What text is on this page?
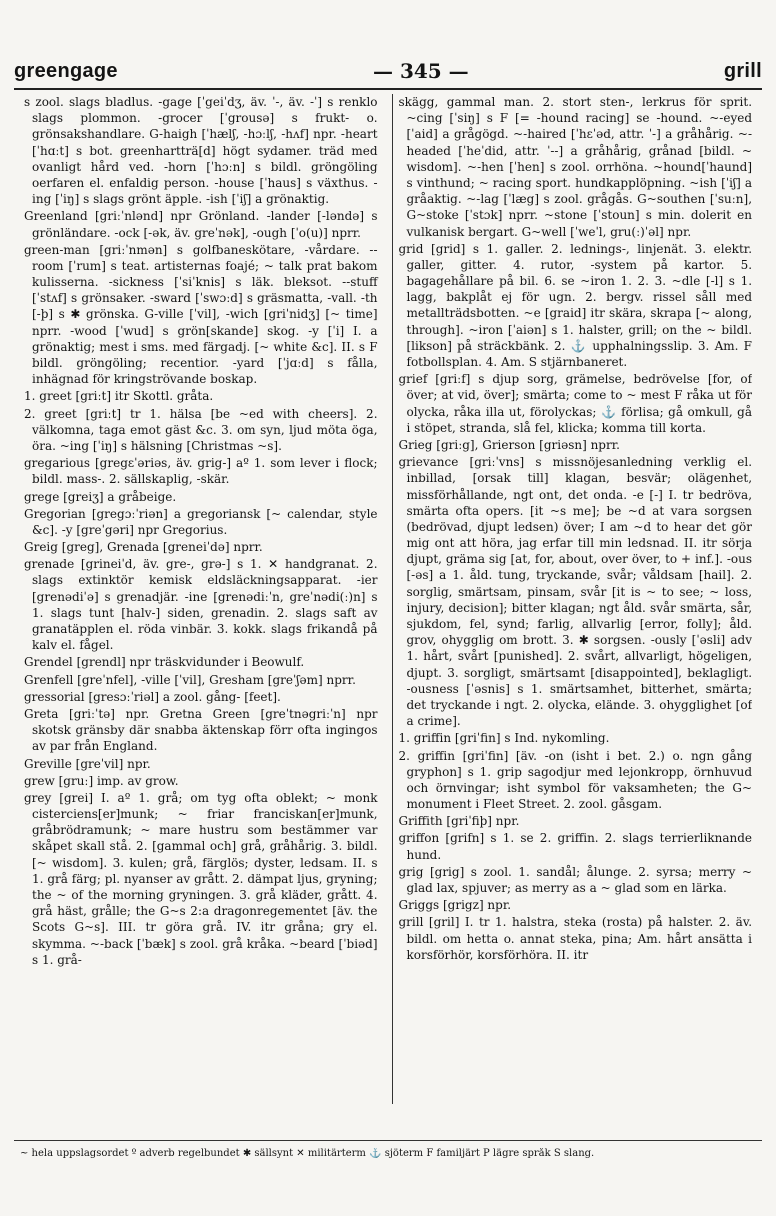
greengage	— 345 —	grill

s zool. slags bladlus. -gage [ˈgeiˈdʒ, äv. ˈ-, äv. -ˈ] s renklo slags plommon. -grocer [ˈgrousə] s frukt- o. grönsakshandlare. G-haigh [ˈhælʃ, -hɔːlʃ, -hʌf] npr. -heart [ˈhɑːt] s bot. greenhartträ[d] högt sydamer. träd med ovanligt hård ved. -horn [ˈhɔːn] s bildl. gröngöling oerfaren el. enfaldig person. -house [ˈhaus] s växthus. -ing [ˈiŋ] s slags grönt äpple. -ish [ˈiʃ] a grönaktig.

Greenland [griːˈnlənd] npr Grönland. -lander [-ləndə] s grönländare. -ock [-ək, äv. greˈnək], -ough [ˈo(u)] nprr.

green-man [griːˈnmən] s golfbaneskötare, -vårdare. --room [ˈrum] s teat. artisternas foajé; ~ talk prat bakom kulisserna. -sickness [ˈsiˈknis] s läk. bleksot. --stuff [ˈstʌf] s grönsaker. -sward [ˈswɔːd] s gräsmatta, -vall. -th [-þ] s ✱ grönska. G-ville [ˈvil], -wich [griˈnidʒ] [~ time] nprr. -wood [ˈwud] s grön[skande] skog. -y [ˈi] I. a grönaktig; mest i sms. med färgadj. [~ white &c]. II. s F bildl. gröngöling; recentior. -yard [ˈjɑːd] s fålla, inhägnad för kringströvande boskap.

1. greet [griːt] itr Skottl. gråta.

2. greet [griːt] tr 1. hälsa [be ~ed with cheers]. 2. välkomna, taga emot gäst &c. 3. om syn, ljud möta öga, öra. ~ing [ˈiŋ] s hälsning [Christmas ~s].

gregarious [gregɛˈəriəs, äv. grig-] aº 1. som lever i flock; bildl. mass-. 2. sällskaplig, -skär.

grege [greiʒ] a gråbeige.

Gregorian [gregɔːˈriən] a gregoriansk [~ calendar, style &c]. -y [greˈgəri] npr Gregorius.

Greig [greg], Grenada [greneiˈdə] nprr.

grenade [grineiˈd, äv. gre-, grə-] s 1. ✕ handgranat. 2. slags extinktör kemisk eldsläckningsapparat. -ier [grenədiˈə] s grenadjär. -ine [grenədiːˈn, greˈnədi(ː)n] s 1. slags tunt [halv-] siden, grenadin. 2. slags saft av granatäpplen el. röda vinbär. 3. kokk. slags frikandå på kalv el. fågel.

Grendel [grendl] npr träskvidunder i Beowulf.

Grenfell [greˈnfel], -ville [ˈvil], Gresham [greˈʃəm] nprr.

gressorial [gresɔːˈriəl] a zool. gång- [feet].

Greta [griːˈtə] npr. Gretna Green [greˈtnəgriːˈn] npr skotsk gränsby där snabba äktenskap förr ofta ingingos av par från England.

Greville [greˈvil] npr.

grew [gruː] imp. av grow.

grey [grei] I. aº 1. grå; om tyg ofta oblekt; ~ monk cisterciens[er]munk; ~ friar franciskan[er]munk, gråbrödramunk; ~ mare hustru som bestämmer var skåpet skall stå. 2. [gammal och] grå, gråhårig. 3. bildl. [~ wisdom]. 3. kulen; grå, färglös; dyster, ledsam. II. s 1. grå färg; pl. nyanser av grått. 2. dämpat ljus, gryning; the ~ of the morning gryningen. 3. grå kläder, grått. 4. grå häst, grålle; the G~s 2:a dragonregementet [äv. the Scots G~s]. III. tr göra grå. IV. itr gråna; gry el. skymma. ~-back [ˈbæk] s zool. grå kråka. ~beard [ˈbiəd] s 1. grå-

skägg, gammal man. 2. stort sten-, lerkrus för sprit. ~cing [ˈsiŋ] s F [= -hound racing] se -hound. ~-eyed [ˈaid] a grågögd. ~-haired [ˈhɛˈəd, attr. ˈ-] a gråhårig. ~-headed [ˈheˈdid, attr. ˈ--] a gråhårig, grånad [bildl. ~ wisdom]. ~-hen [ˈhen] s zool. orrhöna. ~hound[ˈhaund] s vinthund; ~ racing sport. hundkapplöpning. ~ish [ˈiʃ] a gråaktig. ~-lag [ˈlæg] s zool. grågås. G~southen [ˈsuːn], G~stoke [ˈstɔk] nprr. ~stone [ˈstoun] s min. dolerit en vulkanisk bergart. G~well [ˈweˈl, gru(ː)ˈəl] npr.

grid [grid] s 1. galler. 2. lednings-, linjenät. 3. elektr. galler, gitter. 4. rutor, -system på kartor. 5. bagagehållare på bil. 6. se ~iron 1. 2. 3. ~dle [-l] s 1. lagg, bakplåt ej för ugn. 2. bergv. rissel såll med metallträdsbotten. ~e [graid] itr skära, skrapa [~ along, through]. ~iron [ˈaiən] s 1. halster, grill; on the ~ bildl. [likson] på sträckbänk. 2. ⚓ upphalningsslip. 3. Am. F fotbollsplan. 4. Am. S stjärnbaneret.

grief [griːf] s djup sorg, grämelse, bedrövelse [for, of över; at vid, över]; smärta; come to ~ mest F råka ut för olycka, råka illa ut, förolyckas; ⚓ förlisa; gå omkull, gå i stöpet, stranda, slå fel, klicka; komma till korta.

Grieg [griːg], Grierson [griəsn] nprr.

grievance [griːˈvns] s missnöjesanledning verklig el. inbillad, [orsak till] klagan, besvär; olägenhet, missförhållande, ngt ont, det onda. -e [-] I. tr bedröva, smärta ofta opers. [it ~s me]; be ~d at vara sorgsen (bedrövad, djupt ledsen) över; I am ~d to hear det gör mig ont att höra, jag erfar till min ledsnad. II. itr sörja djupt, gräma sig [at, for, about, over över, to + inf.]. -ous [-əs] a 1. åld. tung, tryckande, svår; våldsam [hail]. 2. sorglig, smärtsam, pinsam, svår [it is ~ to see; ~ loss, injury, decision]; bitter klagan; ngt åld. svår smärta, sår, sjukdom, fel, synd; farlig, allvarlig [error, folly]; åld. grov, ohygglig om brott. 3. ✱ sorgsen. -ously [ˈəsli] adv 1. hårt, svårt [punished]. 2. svårt, allvarligt, högeligen, djupt. 3. sorgligt, smärtsamt [disappointed], beklagligt. -ousness [ˈəsnis] s 1. smärtsamhet, bitterhet, smärta; det tryckande i ngt. 2. olycka, elände. 3. ohygglighet [of a crime].

1. griffin [griˈfin] s Ind. nykomling.

2. griffin [griˈfin] [äv. -on (isht i bet. 2.) o. ngn gång gryphon] s 1. grip sagodjur med lejonkropp, örnhuvud och örnvingar; isht symbol för vaksamheten; the G~ monument i Fleet Street. 2. zool. gåsgam.

Griffith [griˈfiþ] npr.

griffon [grifn] s 1. se 2. griffin. 2. slags terrierliknande hund.

grig [grig] s zool. 1. sandål; ålunge. 2. syrsa; merry ~ glad lax, spjuver; as merry as a ~ glad som en lärka.

Griggs [grigz] npr.

grill [gril] I. tr 1. halstra, steka (rosta) på halster. 2. äv. bildl. om hetta o. annat steka, pina; Am. hårt ansätta i korsförhör, korsförhöra. II. itr

~ hela uppslagsordet º adverb regelbundet ✱ sällsynt ✕ militärterm ⚓ sjöterm F familjärt P lägre språk S slang.
